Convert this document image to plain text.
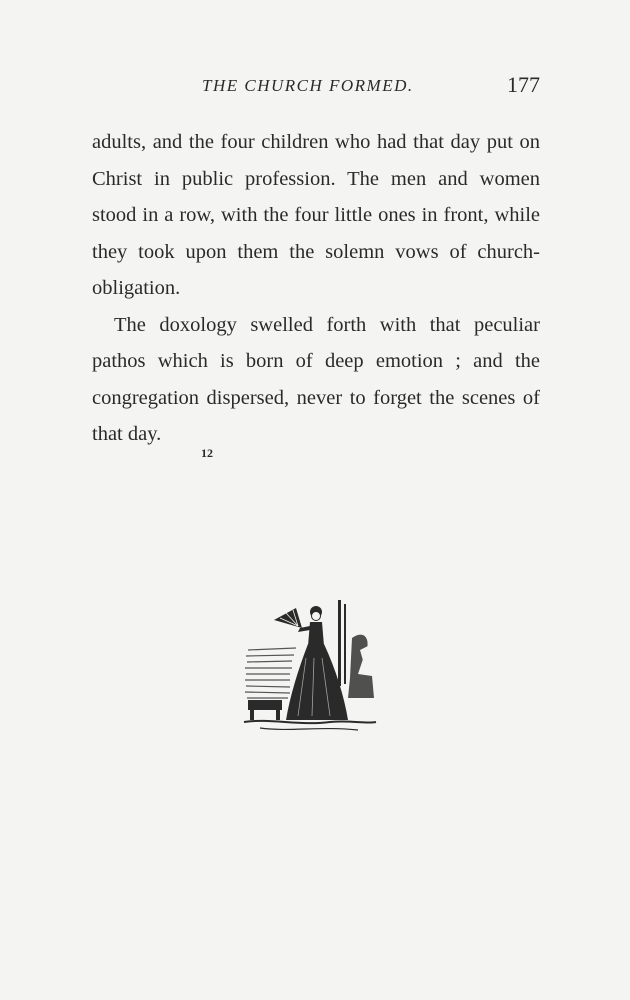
THE CHURCH FORMED.	177

adults, and the four children who had that day put on Christ in public profession. The men and women stood in a row, with the four little ones in front, while they took upon them the solemn vows of church-obligation.

The doxology swelled forth with that peculiar pathos which is born of deep emotion ; and the congregation dispersed, never to forget the scenes of that day.

12
